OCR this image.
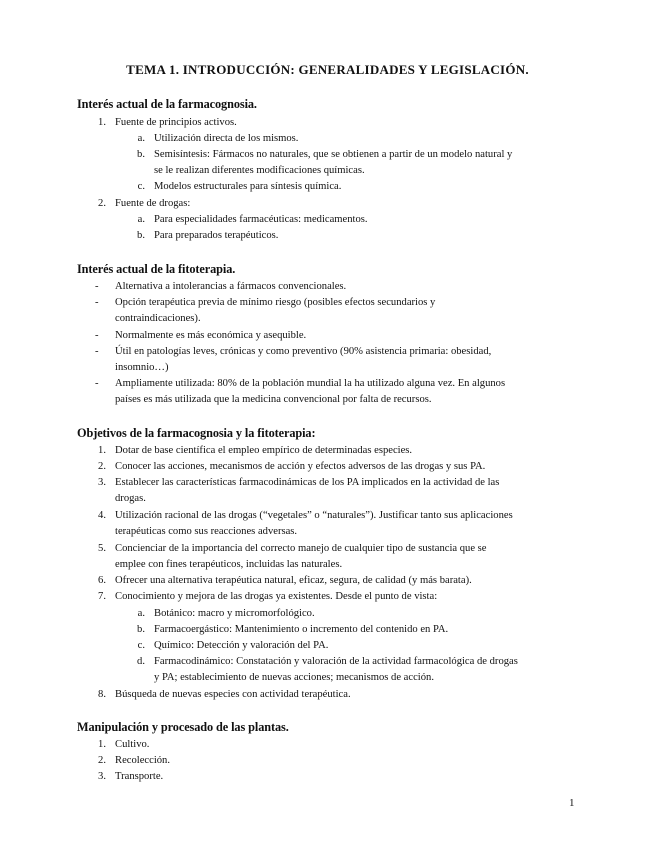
TEMA 1. INTRODUCCIÓN: GENERALIDADES Y LEGISLACIÓN.
Interés actual de la farmacognosia.
1. Fuente de principios activos.
a. Utilización directa de los mismos.
b. Semisíntesis: Fármacos no naturales, que se obtienen a partir de un modelo natural y
se le realizan diferentes modificaciones químicas.
c. Modelos estructurales para síntesis química.
2. Fuente de drogas:
a. Para especialidades farmacéuticas: medicamentos.
b. Para preparados terapéuticos.
Interés actual de la fitoterapia.
- Alternativa a intolerancias a fármacos convencionales.
- Opción terapéutica previa de mínimo riesgo (posibles efectos secundarios y
contraindicaciones).
- Normalmente es más económica y asequible.
- Útil en patologías leves, crónicas y como preventivo (90% asistencia primaria: obesidad,
insomnio…)
- Ampliamente utilizada: 80% de la población mundial la ha utilizado alguna vez. En algunos
países es más utilizada que la medicina convencional por falta de recursos.
Objetivos de la farmacognosia y la fitoterapia:
1. Dotar de base científica el empleo empírico de determinadas especies.
2. Conocer las acciones, mecanismos de acción y efectos adversos de las drogas y sus PA.
3. Establecer las características farmacodinámicas de los PA implicados en la actividad de las
drogas.
4. Utilización racional de las drogas (“vegetales” o “naturales”). Justificar tanto sus aplicaciones
terapéuticas como sus reacciones adversas.
5. Concienciar de la importancia del correcto manejo de cualquier tipo de sustancia que se
emplee con fines terapéuticos, incluidas las naturales.
6. Ofrecer una alternativa terapéutica natural, eficaz, segura, de calidad (y más barata).
7. Conocimiento y mejora de las drogas ya existentes. Desde el punto de vista:
a. Botánico: macro y micromorfológico.
b. Farmacoergástico: Mantenimiento o incremento del contenido en PA.
c. Químico: Detección y valoración del PA.
d. Farmacodinámico: Constatación y valoración de la actividad farmacológica de drogas
y PA; establecimiento de nuevas acciones; mecanismos de acción.
8. Búsqueda de nuevas especies con actividad terapéutica.
Manipulación y procesado de las plantas.
1. Cultivo.
2. Recolección.
3. Transporte.
1
